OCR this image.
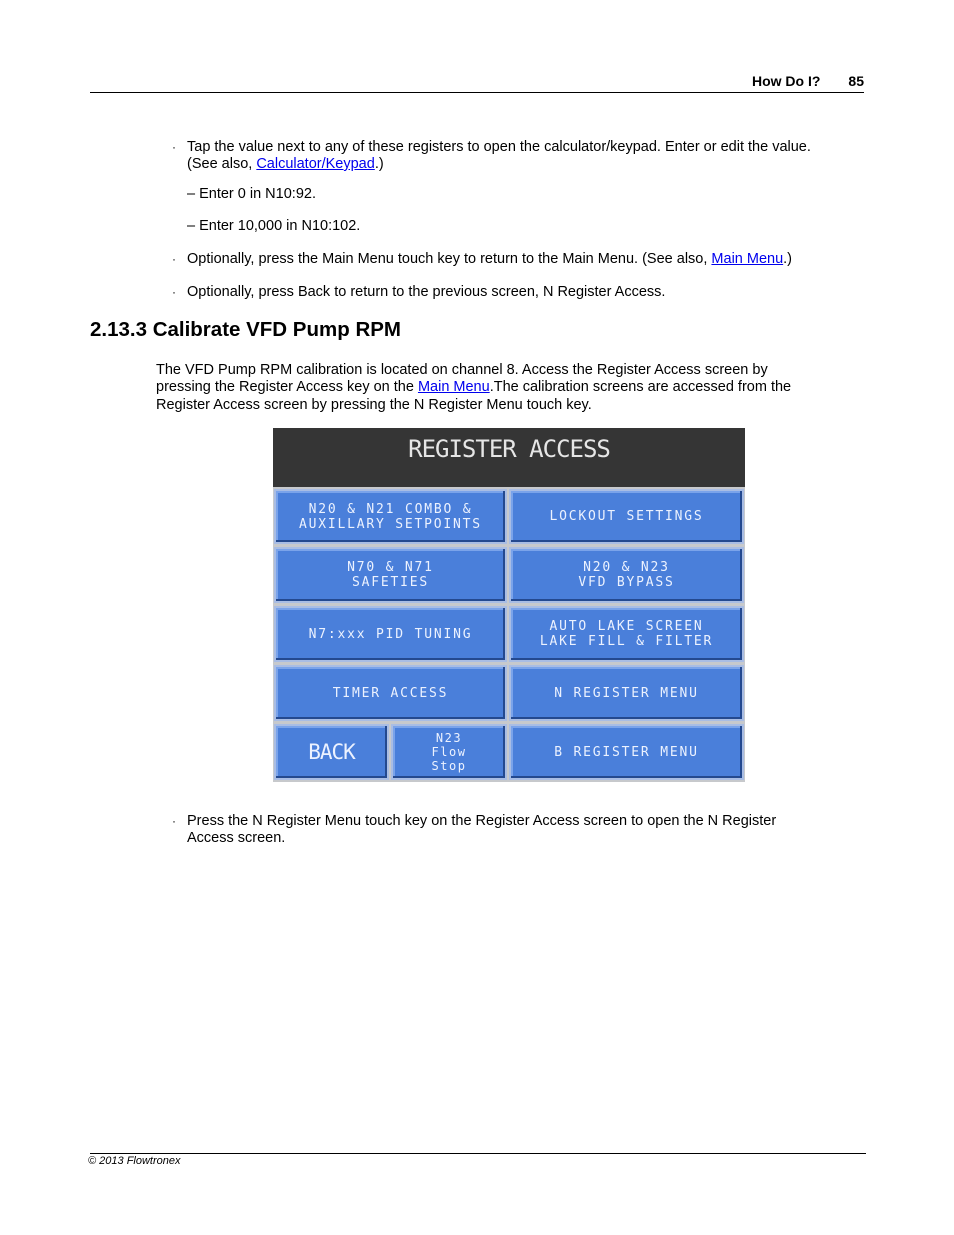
How Do I? 85
· Tap the value next to any of these registers to open the calculator/keypad. Enter or edit the value.
(See also, Calculator/Keypad.)
– Enter 0 in N10:92.
– Enter 10,000 in N10:102.
· Optionally, press the Main Menu touch key to return to the Main Menu. (See also, Main Menu.)
· Optionally, press Back to return to the previous screen, N Register Access.
2.13.3 Calibrate VFD Pump RPM
The VFD Pump RPM calibration is located on channel 8. Access the Register Access screen by
pressing the Register Access key on the Main Menu.The calibration screens are accessed from the
Register Access screen by pressing the N Register Menu touch key.
REGISTER ACCESS
N20 & N21 COMBO &
AUXILLARY SETPOINTS	LOCKOUT SETTINGS
N70 & N71
SAFETIES
N20 & N23
VFD BYPASS
N7:xxx PID TUNING	AUTO LAKE SCREEN
LAKE FILL & FILTER
TIMER ACCESS	N REGISTER MENU
BACK
N23
Flow
Stop
B REGISTER MENU
· Press the N Register Menu touch key on the Register Access screen to open the N Register
Access screen.
© 2013 Flowtronex
